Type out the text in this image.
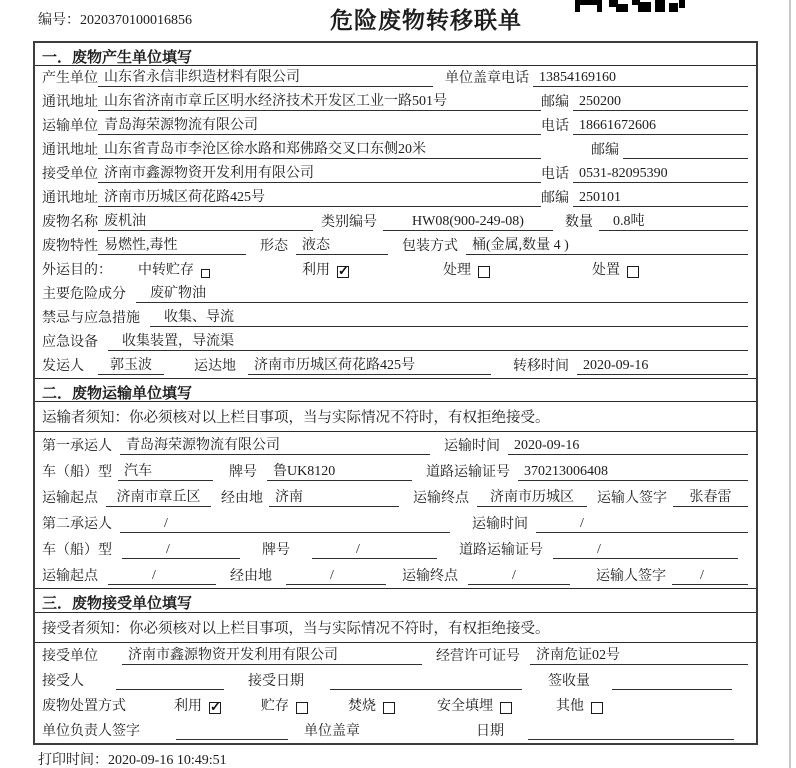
编号：2020370100016856	危险废物转移联单
一．废物产生单位填写
产生单位 山东省永信非织造材料有限公司	单位盖章 电话 13854169160
通讯地址 山东省济南市章丘区明水经济技术开发区工业一路501号	邮编 250200
运输单位 青岛海荣源物流有限公司	电话 18661672606
通讯地址 山东省青岛市李沧区徐水路和郑佛路交叉口东侧20米	邮编
接受单位 济南市鑫源物资开发利用有限公司	电话 0531-82095390
通讯地址 济南市历城区荷花路425号	邮编 250101
废物名称 废机油	类别编号	HW08(900-249-08)	数量	0.8吨
废物特性 易燃性,毒性	形态	液态	包装方式	桶(金属,数量 4 )
外运目的： 中转贮存	利用 ✓	处理	处置
主要危险成分	废矿物油
禁忌与应急措施	收集、导流
应急设备	收集装置，导流渠
发运人	郭玉波	运达地	济南市历城区荷花路425号	转移时间	2020-09-16
二．废物运输单位填写
运输者须知：你必须核对以上栏目事项，当与实际情况不符时，有权拒绝接受。
第一承运人	青岛海荣源物流有限公司	运输时间	2020-09-16
车（船）型 汽车	牌号	鲁UK8120	道路运输证号	370213006408
运输起点	济南市章丘区	经由地 济南	运输终点	济南市历城区	运输人签字	张春雷
第二承运人	/	运输时间	/
车（船）型	/	牌号	/	道路运输证号	/
运输起点	/	经由地	/	运输终点	/	运输人签字	/
三．废物接受单位填写
接受者须知：你必须核对以上栏目事项，当与实际情况不符时，有权拒绝接受。
接受单位	济南市鑫源物资开发利用有限公司	经营许可证号	济南危证02号
接受人	接受日期	签收量
废物处置方式	利用 ✓	贮存	焚烧	安全填埋	其他
单位负责人签字	单位盖章	日期
打印时间：2020-09-16 10:49:51
